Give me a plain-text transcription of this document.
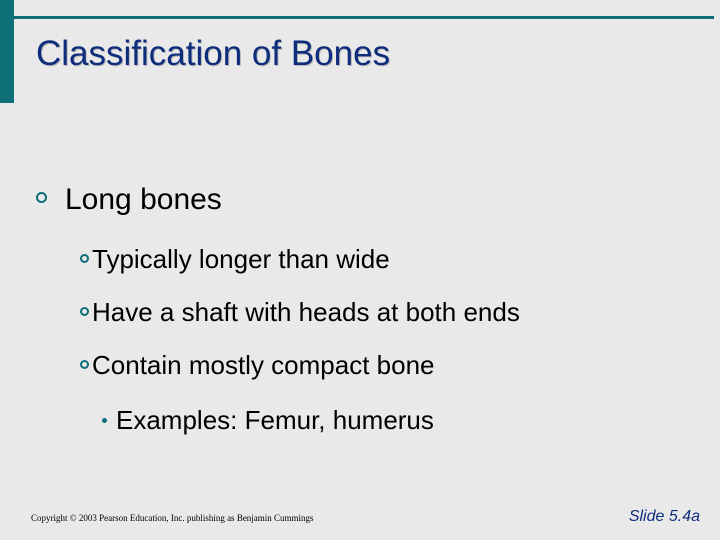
Classification of Bones
Long bones
Typically longer than wide
Have a shaft with heads at both ends
Contain mostly compact bone
Examples: Femur, humerus
Copyright © 2003 Pearson Education, Inc. publishing as Benjamin Cummings	Slide 5.4a
